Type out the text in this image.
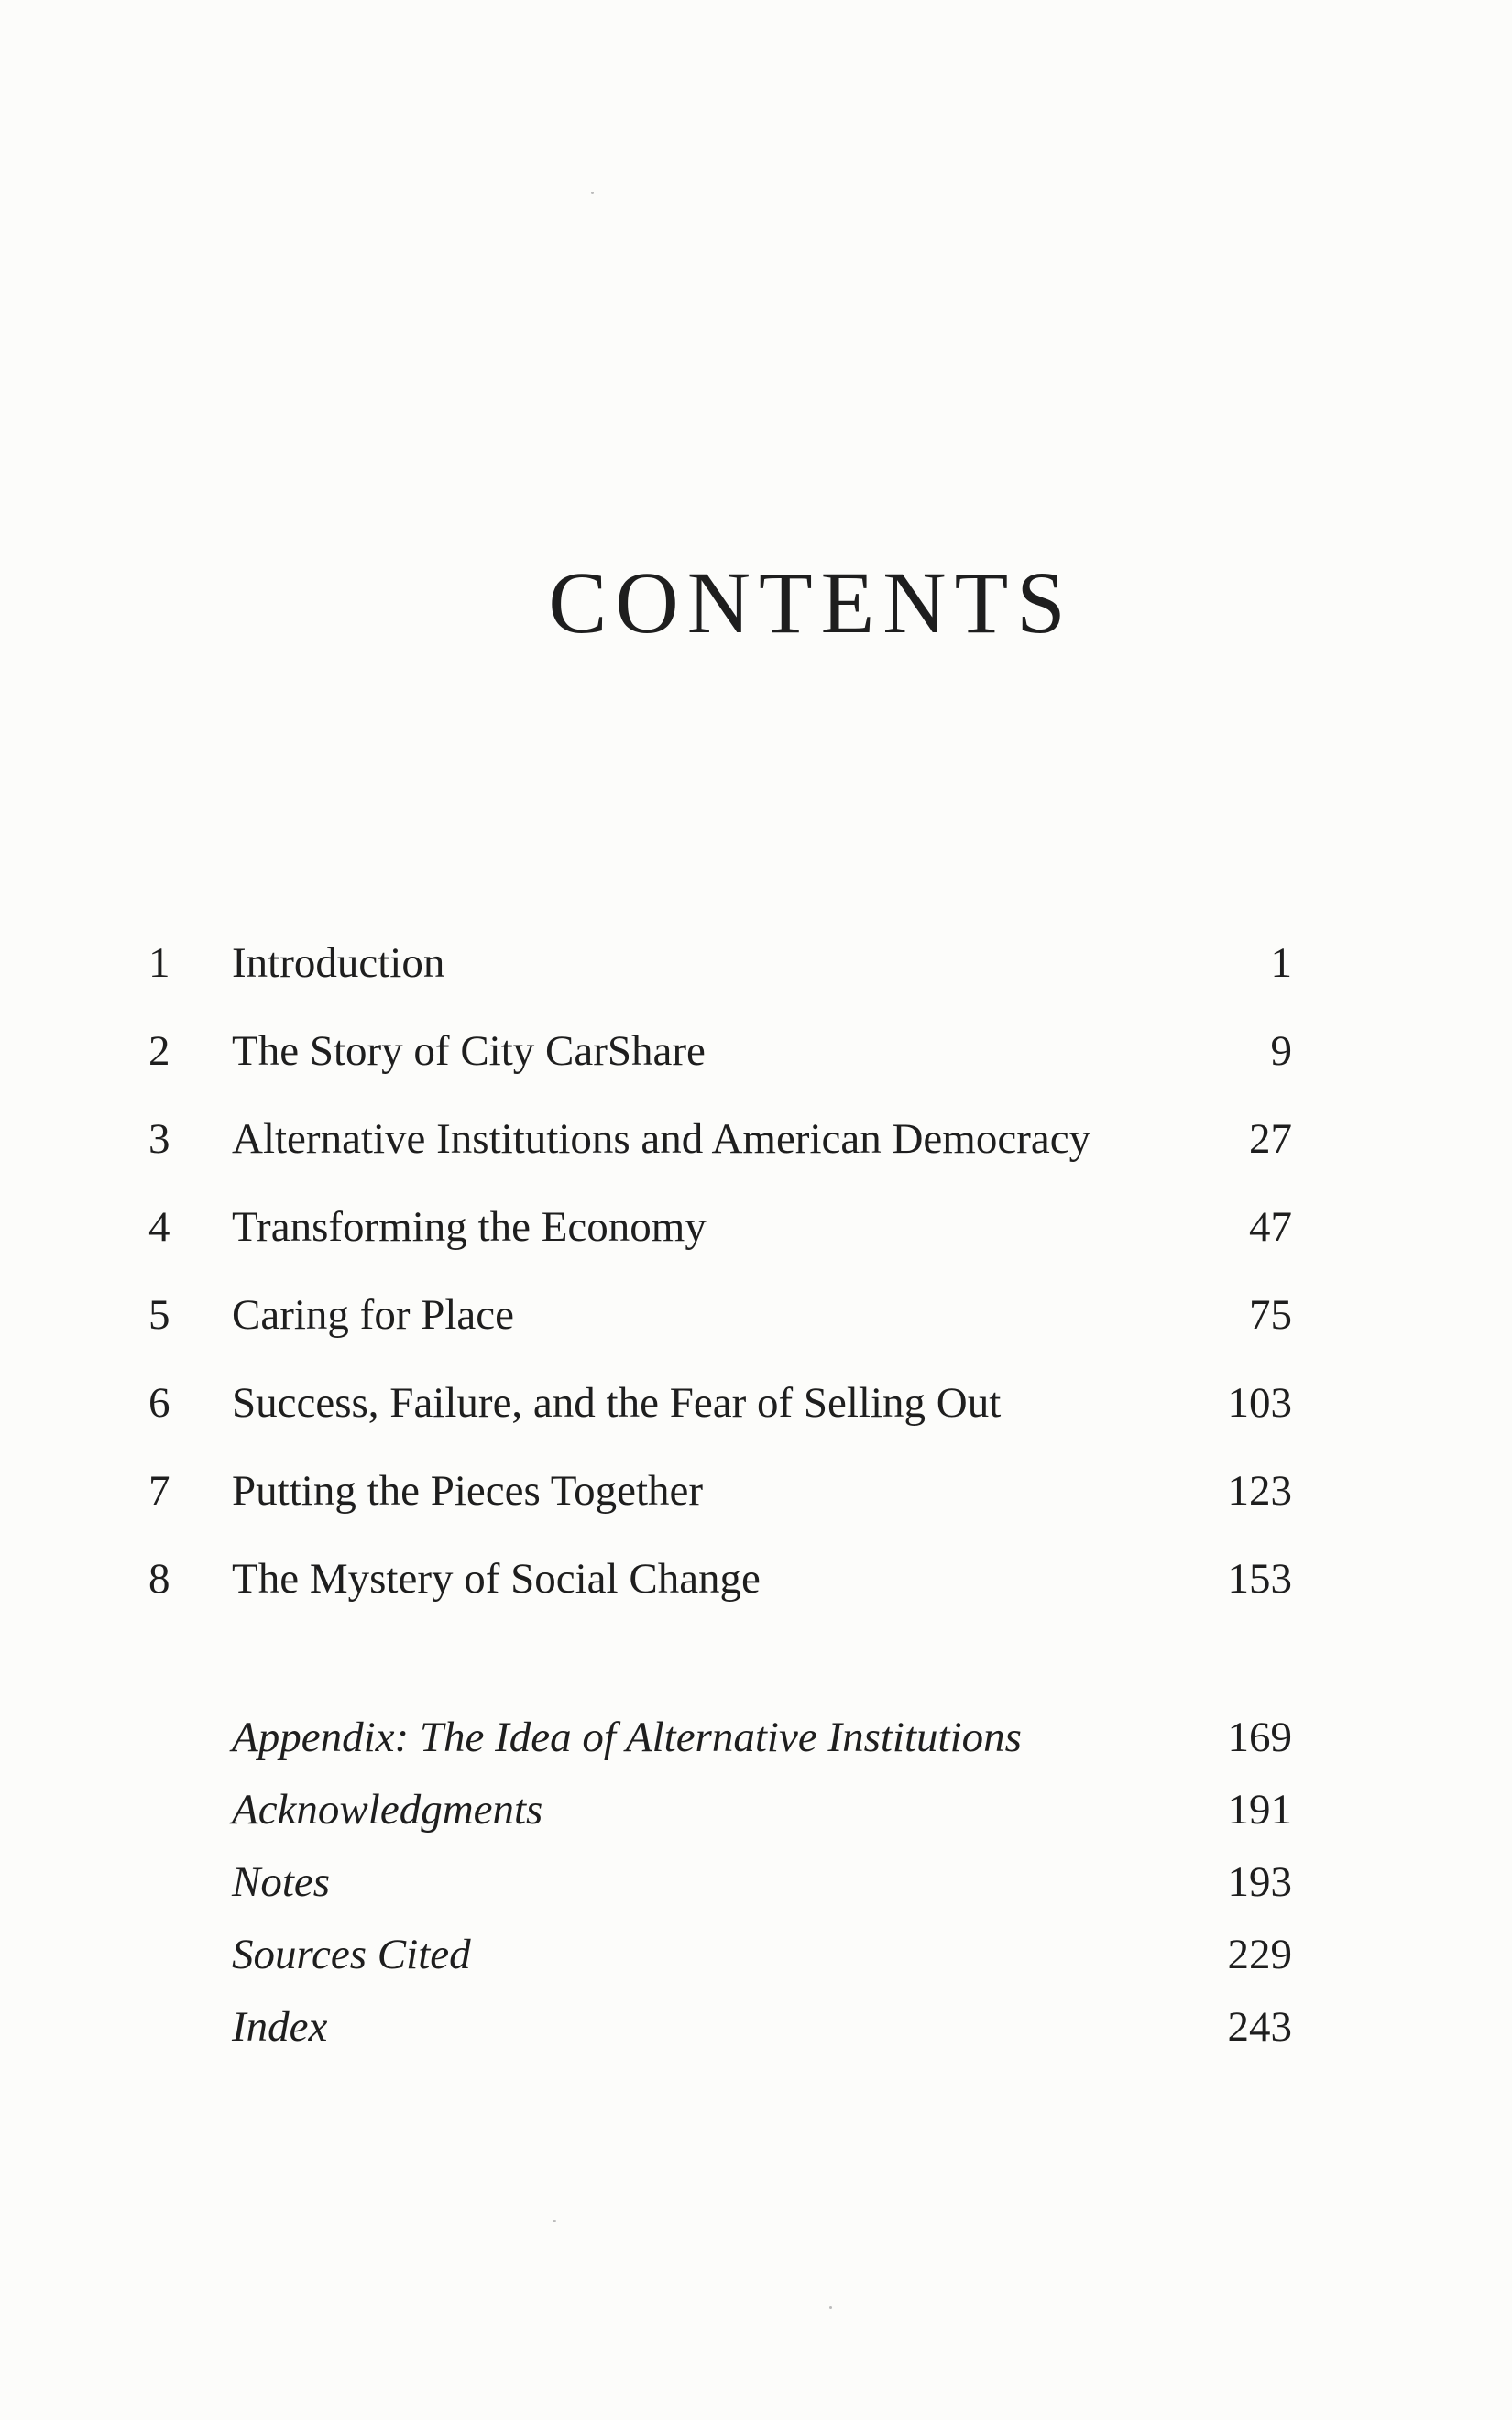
CONTENTS
1	Introduction	1
2	The Story of City CarShare	9
3	Alternative Institutions and American Democracy	27
4	Transforming the Economy	47
5	Caring for Place	75
6	Success, Failure, and the Fear of Selling Out	103
7	Putting the Pieces Together	123
8	The Mystery of Social Change	153
Appendix: The Idea of Alternative Institutions	169
Acknowledgments	191
Notes	193
Sources Cited	229
Index	243
